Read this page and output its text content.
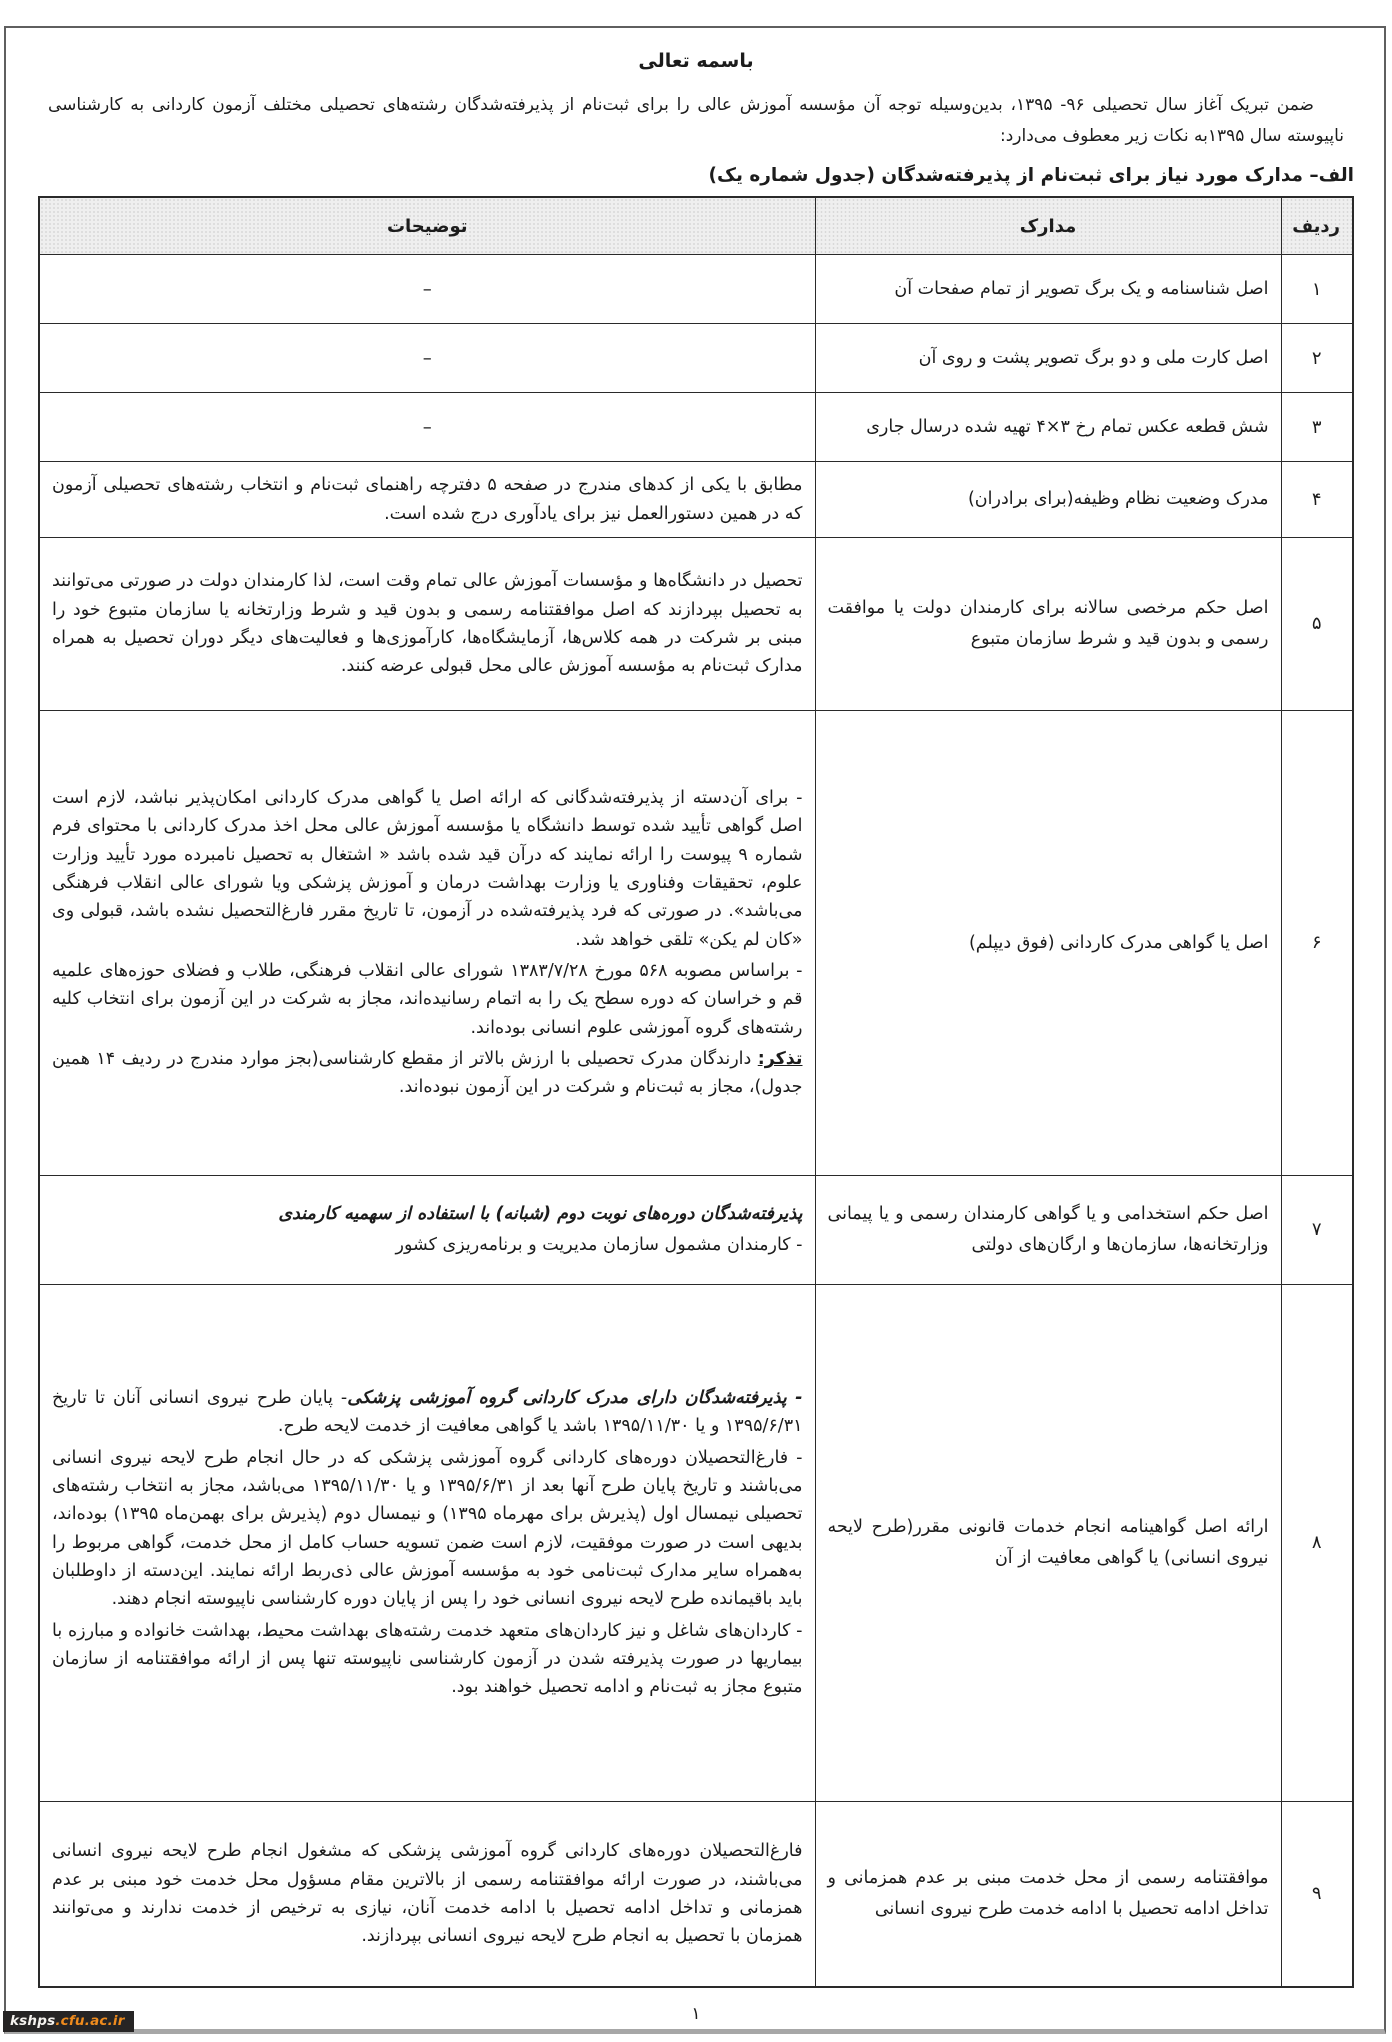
باسمه تعالی

ضمن تبریک آغاز سال تحصیلی ۹۶- ۱۳۹۵، بدین‌وسیله توجه آن مؤسسه آموزش عالی را برای ثبت‌نام از پذیرفته‌شدگان رشته‌های تحصیلی مختلف آزمون کاردانی به کارشناسی ناپیوسته سال ۱۳۹۵به نکات زیر معطوف می‌دارد:

الف– مدارک مورد نیاز برای ثبت‌نام از پذیرفته‌شدگان (جدول شماره یک)
ردیف	مدارک	توضیحات
۱	اصل شناسنامه و یک برگ تصویر از تمام صفحات آن	–

۲	اصل کارت ملی و دو برگ تصویر پشت و روی آن	–

۳	شش قطعه عکس تمام رخ ۳×۴ تهیه شده درسال جاری	–

۴	مدرک وضعیت نظام وظیفه(برای برادران)	مطابق با یکی از کدهای مندرج در صفحه ۵ دفترچه راهنمای ثبت‌نام و انتخاب رشته‌های تحصیلی آزمون که در همین دستورالعمل نیز برای یادآوری درج شده است.

۵	اصل حکم مرخصی سالانه برای کارمندان دولت یا موافقت رسمی و بدون قید و شرط سازمان متبوع	تحصیل در دانشگاه‌ها و مؤسسات آموزش عالی تمام وقت است، لذا کارمندان دولت در صورتی می‌توانند به تحصیل بپردازند که اصل موافقتنامه رسمی و بدون قید و شرط وزارتخانه یا سازمان متبوع خود را مبنی بر شرکت در همه کلاس‌ها، آزمایشگاه‌ها، کارآموزی‌ها و فعالیت‌های دیگر دوران تحصیل به همراه مدارک ثبت‌نام به مؤسسه آموزش عالی محل قبولی عرضه کنند.

۶	اصل یا گواهی مدرک کاردانی (فوق دیپلم)	- برای آن‌دسته از پذیرفته‌شدگانی که ارائه اصل یا گواهی مدرک کاردانی امکان‌پذیر نباشد، لازم است اصل گواهی تأیید شده توسط دانشگاه یا مؤسسه آموزش عالی محل اخذ مدرک کاردانی با محتوای فرم شماره ۹ پیوست را ارائه نمایند که درآن قید شده باشد « اشتغال به تحصیل نامبرده مورد تأیید وزارت علوم، تحقیقات وفناوری یا وزارت بهداشت درمان و آموزش پزشکی ویا شورای عالی انقلاب فرهنگی می‌باشد». در صورتی که فرد پذیرفته‌شده در آزمون، تا تاریخ مقرر فارغ‌التحصیل نشده باشد، قبولی وی «کان لم یکن» تلقی خواهد شد.
- براساس مصوبه ۵۶۸ مورخ ۱۳۸۳/۷/۲۸ شورای عالی انقلاب فرهنگی، طلاب و فضلای حوزه‌های علمیه قم و خراسان که دوره سطح یک را به اتمام رسانیده‌اند، مجاز به شرکت در این آزمون برای انتخاب کلیه رشته‌های گروه آموزشی علوم انسانی بوده‌اند.
تذکر: دارندگان مدرک تحصیلی با ارزش بالاتر از مقطع کارشناسی(بجز موارد مندرج در ردیف ۱۴ همین جدول)، مجاز به ثبت‌نام و شرکت در این آزمون نبوده‌اند.

۷	اصل حکم استخدامی و یا گواهی کارمندان رسمی و یا پیمانی وزارتخانه‌ها، سازمان‌ها و ارگان‌های دولتی	پذیرفته‌شدگان دوره‌های نوبت دوم (شبانه) با استفاده از سهمیه کارمندی
- کارمندان مشمول سازمان مدیریت و برنامه‌ریزی کشور

۸	ارائه اصل گواهینامه انجام خدمات قانونی مقرر(طرح لایحه نیروی انسانی) یا گواهی معافیت از آن	- پذیرفته‌شدگان دارای مدرک کاردانی گروه آموزشی پزشکی- پایان طرح نیروی انسانی آنان تا تاریخ ۱۳۹۵/۶/۳۱ و یا ۱۳۹۵/۱۱/۳۰ باشد یا گواهی معافیت از خدمت لایحه طرح.
- فارغ‌التحصیلان دوره‌های کاردانی گروه آموزشی پزشکی که در حال انجام طرح لایحه نیروی انسانی می‌باشند و تاریخ پایان طرح آنها بعد از ۱۳۹۵/۶/۳۱ و یا ۱۳۹۵/۱۱/۳۰ می‌باشد، مجاز به انتخاب رشته‌های تحصیلی نیمسال اول (پذیرش برای مهرماه ۱۳۹۵) و نیمسال دوم (پذیرش برای بهمن‌ماه ۱۳۹۵) بوده‌اند، بدیهی است در صورت موفقیت، لازم است ضمن تسویه حساب کامل از محل خدمت، گواهی مربوط را به‌همراه سایر مدارک ثبت‌نامی خود به مؤسسه آموزش عالی ذی‌ربط ارائه نمایند. این‌دسته از داوطلبان باید باقیمانده طرح لایحه نیروی انسانی خود را پس از پایان دوره کارشناسی ناپیوسته انجام دهند.
- کاردان‌های شاغل و نیز کاردان‌های متعهد خدمت رشته‌های بهداشت محیط، بهداشت خانواده و مبارزه با بیماریها در صورت پذیرفته شدن در آزمون کارشناسی ناپیوسته تنها پس از ارائه موافقتنامه از سازمان متبوع مجاز به ثبت‌نام و ادامه تحصیل خواهند بود.

۹	موافقتنامه رسمی از محل خدمت مبنی بر عدم همزمانی و تداخل ادامه تحصیل با ادامه خدمت طرح نیروی انسانی	فارغ‌التحصیلان دوره‌های کاردانی گروه آموزشی پزشکی که مشغول انجام طرح لایحه نیروی انسانی می‌باشند، در صورت ارائه موافقتنامه رسمی از بالاترین مقام مسؤول محل خدمت خود مبنی بر عدم همزمانی و تداخل ادامه تحصیل با ادامه خدمت آنان، نیازی به ترخیص از خدمت ندارند و می‌توانند همزمان با تحصیل به انجام طرح لایحه نیروی انسانی بپردازند.
۱
kshps.cfu.ac.ir
